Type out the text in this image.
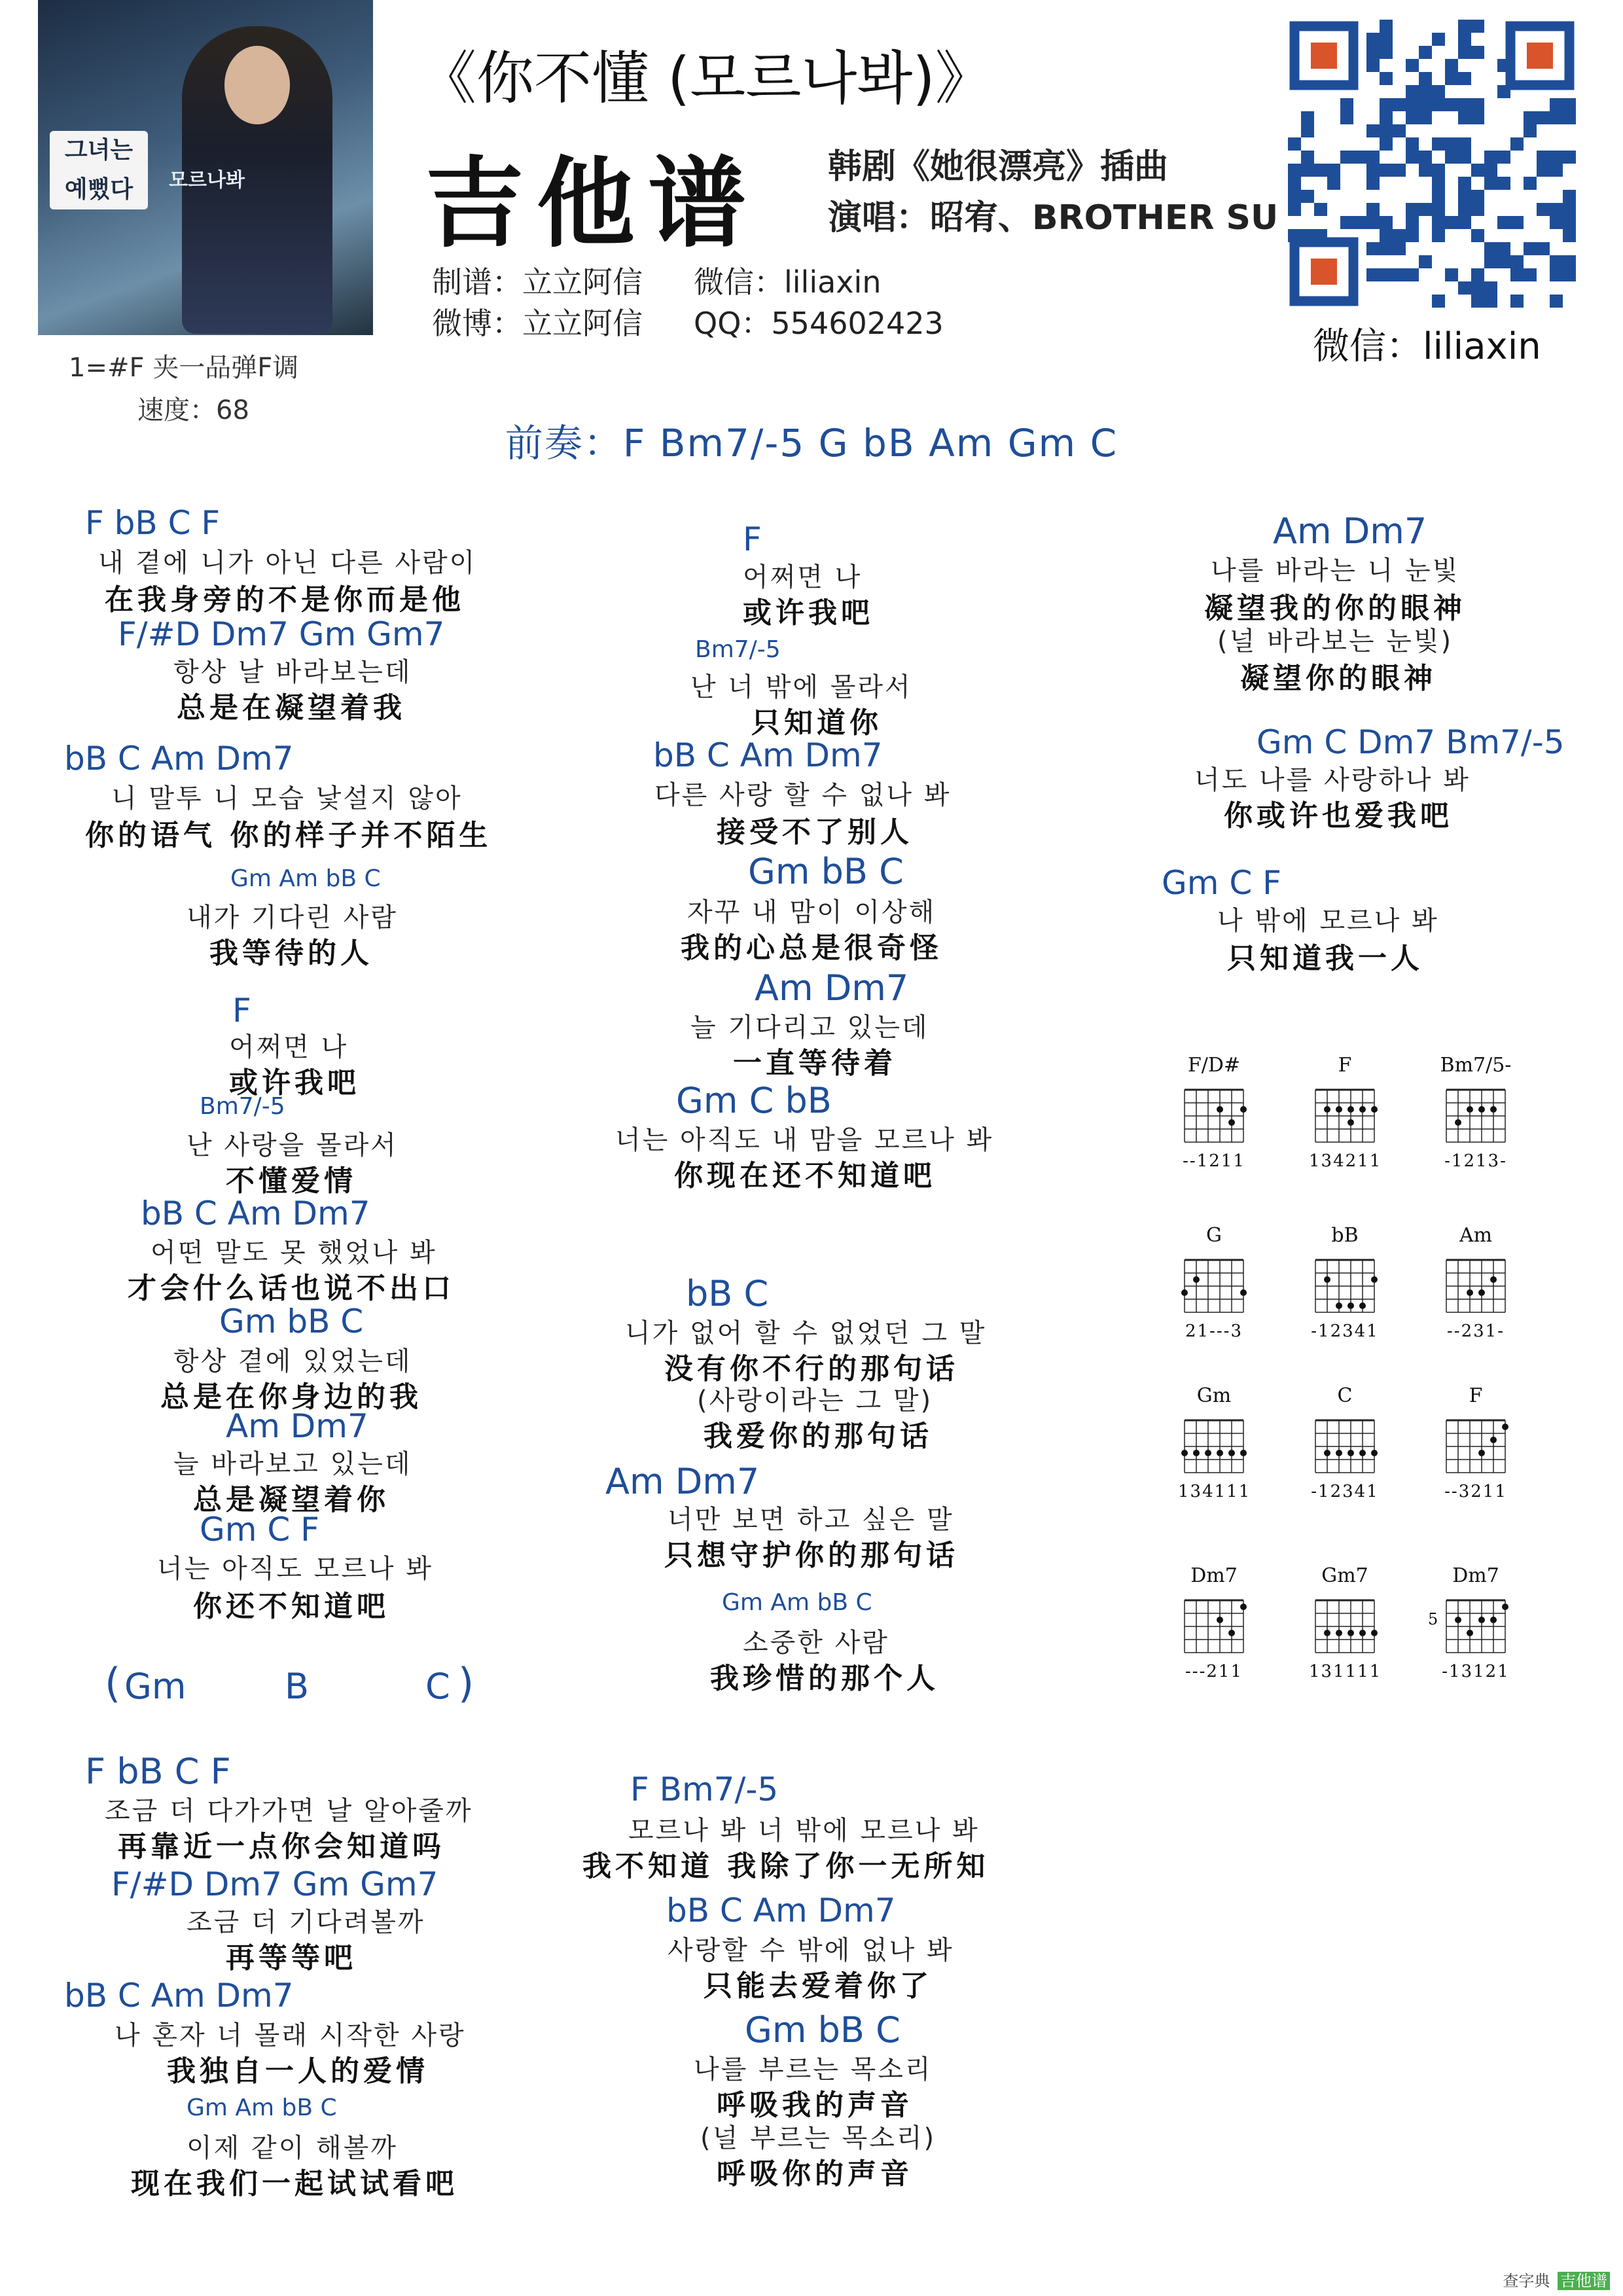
그녀는 예뻤다	모르나봐
1=#F 夹一品弹F调
速度：68
《你不懂 (모르나봐)》
吉他谱 韩剧《她很漂亮》插曲
演唱：昭宥、BROTHER SU
制谱：立立阿信 微信：liliaxin
微博：立立阿信 QQ：554602423
微信：liliaxin
前奏：F Bm7/-5 G bB Am Gm C
F bB C F
내 곁에 니가 아닌 다른 사람이
在我身旁的不是你而是他
F/#D Dm7 Gm Gm7
항상 날 바라보는데
总是在凝望着我
bB C Am Dm7
니 말투 니 모습 낯설지 않아
你的语气 你的样子并不陌生
Gm Am bB C
내가 기다린 사람
我等待的人
F
어쩌면 나
或许我吧
Bm7/-5
난 사랑을 몰라서
不懂爱情
bB C Am Dm7
어떤 말도 못 했었나 봐
才会什么话也说不出口
Gm bB C
항상 곁에 있었는데
总是在你身边的我
Am Dm7
늘 바라보고 있는데
总是凝望着你
Gm C F
너는 아직도 모르나 봐
你还不知道吧
( Gm	B	C )
F bB C F
조금 더 다가가면 날 알아줄까
再靠近一点你会知道吗
F/#D Dm7 Gm Gm7
조금 더 기다려볼까
再等等吧
bB C Am Dm7
나 혼자 너 몰래 시작한 사랑
我独自一人的爱情
Gm Am bB C
이제 같이 해볼까
现在我们一起试试看吧
F
어쩌면 나
或许我吧
Bm7/-5
난 너 밖에 몰라서
只知道你
bB C Am Dm7
다른 사랑 할 수 없나 봐
接受不了别人
Gm bB C
자꾸 내 맘이 이상해
我的心总是很奇怪
Am Dm7
늘 기다리고 있는데
一直等待着
Gm C bB
너는 아직도 내 맘을 모르나 봐
你现在还不知道吧
bB C
니가 없어 할 수 없었던 그 말
没有你不行的那句话
(사랑이라는 그 말)
我爱你的那句话
Am Dm7
너만 보면 하고 싶은 말
只想守护你的那句话
Gm Am bB C
소중한 사람
我珍惜的那个人
F Bm7/-5
모르나 봐 너 밖에 모르나 봐
我不知道 我除了你一无所知
bB C Am Dm7
사랑할 수 밖에 없나 봐
只能去爱着你了
Gm bB C
나를 부르는 목소리
呼吸我的声音
(널 부르는 목소리)
呼吸你的声音
Am Dm7
나를 바라는 니 눈빛
凝望我的你的眼神
(널 바라보는 눈빛)
凝望你的眼神
Gm C Dm7 Bm7/-5
너도 나를 사랑하나 봐
你或许也爱我吧
Gm C F
나 밖에 모르나 봐
只知道我一人
F/D#
--1211
F
134211
Bm7/5-
-1213-
G
21---3
bB
-12341
Am
--231-
Gm
134111
C
-12341
F
--3211
Dm7
---211
Gm7
131111
Dm7
5
-13121
查字典 吉他谱
